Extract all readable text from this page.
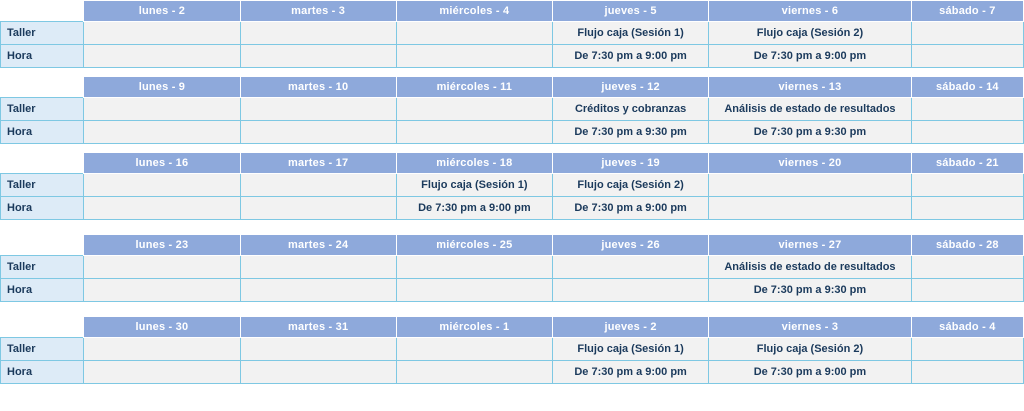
	lunes - 2	martes - 3	miércoles - 4	jueves - 5	viernes - 6	sábado - 7
Taller				Flujo caja (Sesión 1)	Flujo caja (Sesión 2)	
Hora				De 7:30 pm a 9:00 pm	De 7:30 pm a 9:00 pm	
	lunes - 9	martes - 10	miércoles - 11	jueves - 12	viernes - 13	sábado - 14
Taller				Créditos y cobranzas	Análisis de estado de resultados	
Hora				De 7:30 pm a 9:30 pm	De 7:30 pm a 9:30 pm	
	lunes - 16	martes - 17	miércoles - 18	jueves - 19	viernes - 20	sábado - 21
Taller			Flujo caja (Sesión 1)	Flujo caja (Sesión 2)		
Hora			De 7:30 pm a 9:00 pm	De 7:30 pm a 9:00 pm		
	lunes - 23	martes - 24	miércoles - 25	jueves - 26	viernes - 27	sábado - 28
Taller					Análisis de estado de resultados	
Hora					De 7:30 pm a 9:30 pm	
	lunes - 30	martes - 31	miércoles - 1	jueves - 2	viernes - 3	sábado - 4
Taller				Flujo caja (Sesión 1)	Flujo caja (Sesión 2)	
Hora				De 7:30 pm a 9:00 pm	De 7:30 pm a 9:00 pm	
